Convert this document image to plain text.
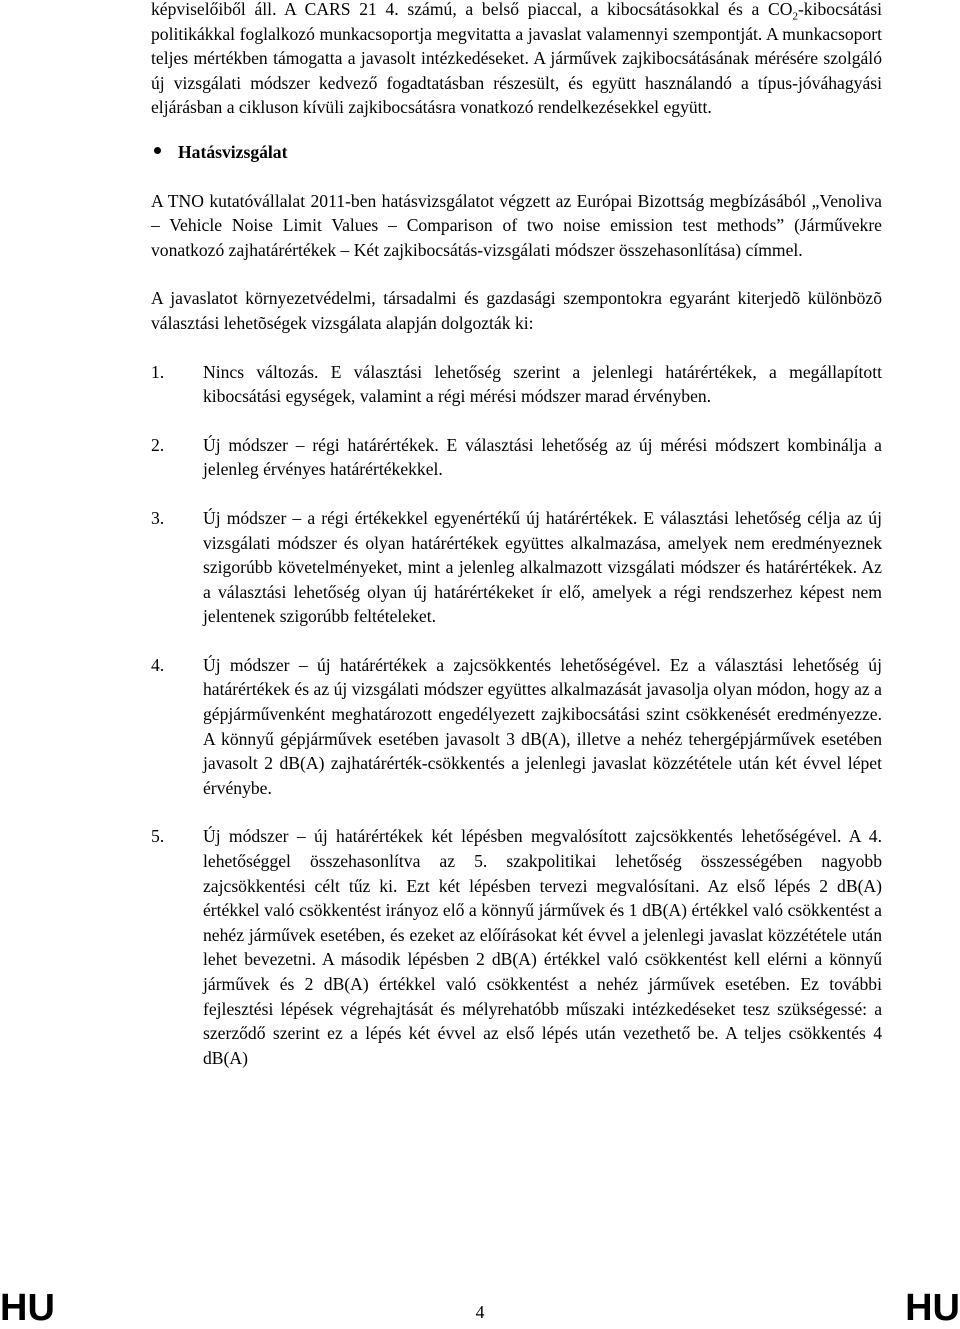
képviselőiből áll. A CARS 21 4. számú, a belső piaccal, a kibocsátásokkal és a $CO_2$-kibocsátási politikákkal foglalkozó munkacsoportja megvitatta a javaslat valamennyi szempontját. A munkacsoport teljes mértékben támogatta a javasolt intézkedéseket. A járművek zajkibocsátásának mérésére szolgáló új vizsgálati módszer kedvező fogadtatásban részesült, és együtt használandó a típus-jóváhagyási eljárásban a cikluson kívüli zajkibocsátásra vonatkozó rendelkezésekkel együtt.

Hatásvizsgálat

A TNO kutatóvállalat 2011-ben hatásvizsgálatot végzett az Európai Bizottság megbízásából „Venoliva – Vehicle Noise Limit Values – Comparison of two noise emission test methods” (Járművekre vonatkozó zajhatárértékek – Két zajkibocsátás-vizsgálati módszer összehasonlítása) címmel.

A javaslatot környezetvédelmi, társadalmi és gazdasági szempontokra egyaránt kiterjedõ különbözõ választási lehetõségek vizsgálata alapján dolgozták ki:

1.	Nincs változás. E választási lehetőség szerint a jelenlegi határértékek, a megállapított kibocsátási egységek, valamint a régi mérési módszer marad érvényben.
2.	Új módszer – régi határértékek. E választási lehetőség az új mérési módszert kombinálja a jelenleg érvényes határértékekkel.
3.	Új módszer – a régi értékekkel egyenértékű új határértékek. E választási lehetőség célja az új vizsgálati módszer és olyan határértékek együttes alkalmazása, amelyek nem eredményeznek szigorúbb követelményeket, mint a jelenleg alkalmazott vizsgálati módszer és határértékek. Az a választási lehetőség olyan új határértékeket ír elő, amelyek a régi rendszerhez képest nem jelentenek szigorúbb feltételeket.
4.	Új módszer – új határértékek a zajcsökkentés lehetőségével. Ez a választási lehetőség új határértékek és az új vizsgálati módszer együttes alkalmazását javasolja olyan módon, hogy az a gépjárművenként meghatározott engedélyezett zajkibocsátási szint csökkenését eredményezze. A könnyű gépjárművek esetében javasolt 3 dB(A), illetve a nehéz tehergépjárművek esetében javasolt 2 dB(A) zajhatárérték-csökkentés a jelenlegi javaslat közzététele után két évvel lépet érvénybe.
5.	Új módszer – új határértékek két lépésben megvalósított zajcsökkentés lehetőségével. A 4. lehetőséggel összehasonlítva az 5. szakpolitikai lehetőség összességében nagyobb zajcsökkentési célt tűz ki. Ezt két lépésben tervezi megvalósítani. Az első lépés 2 dB(A) értékkel való csökkentést irányoz elő a könnyű járművek és 1 dB(A) értékkel való csökkentést a nehéz járművek esetében, és ezeket az előírásokat két évvel a jelenlegi javaslat közzététele után lehet bevezetni. A második lépésben 2 dB(A) értékkel való csökkentést kell elérni a könnyű járművek és 2 dB(A) értékkel való csökkentést a nehéz járművek esetében. Ez további fejlesztési lépések végrehajtását és mélyrehatóbb műszaki intézkedéseket tesz szükségessé: a szerződő szerint ez a lépés két évvel az első lépés után vezethető be. A teljes csökkentés 4 dB(A)
HU	4	HU
